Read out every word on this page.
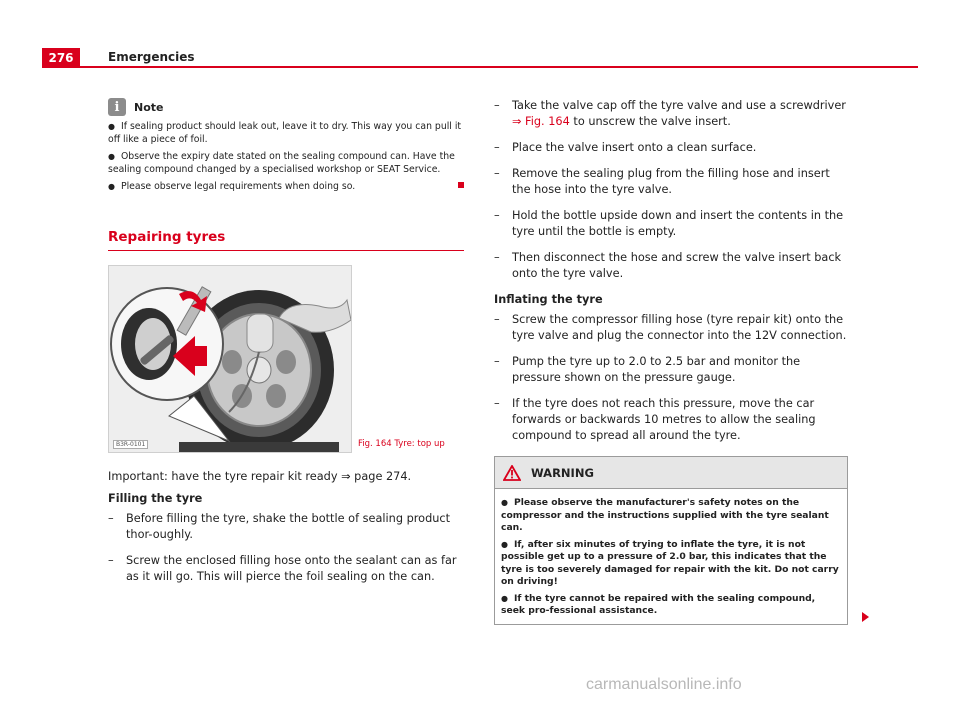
276	Emergencies
i	Note
● If sealing product should leak out, leave it to dry. This way you can pull it off like a piece of foil.
● Observe the expiry date stated on the sealing compound can. Have the sealing compound changed by a specialised workshop or SEAT Service.
● Please observe legal requirements when doing so.
Repairing tyres
B3R-0101	Fig. 164 Tyre: top up
Important: have the tyre repair kit ready ⇒ page 274.
Filling the tyre
–	Before filling the tyre, shake the bottle of sealing product thor-oughly.
–	Screw the enclosed filling hose onto the sealant can as far as it will go. This will pierce the foil sealing on the can.
–	Take the valve cap off the tyre valve and use a screwdriver ⇒ Fig. 164 to unscrew the valve insert.
–	Place the valve insert onto a clean surface.
–	Remove the sealing plug from the filling hose and insert the hose into the tyre valve.
–	Hold the bottle upside down and insert the contents in the tyre until the bottle is empty.
–	Then disconnect the hose and screw the valve insert back onto the tyre valve.
Inflating the tyre
–	Screw the compressor filling hose (tyre repair kit) onto the tyre valve and plug the connector into the 12V connection.
–	Pump the tyre up to 2.0 to 2.5 bar and monitor the pressure shown on the pressure gauge.
–	If the tyre does not reach this pressure, move the car forwards or backwards 10 metres to allow the sealing compound to spread all around the tyre.
WARNING
● Please observe the manufacturer's safety notes on the compressor and the instructions supplied with the tyre sealant can.
● If, after six minutes of trying to inflate the tyre, it is not possible get up to a pressure of 2.0 bar, this indicates that the tyre is too severely damaged for repair with the kit. Do not carry on driving!
● If the tyre cannot be repaired with the sealing compound, seek pro-fessional assistance.
carmanualsonline.info
